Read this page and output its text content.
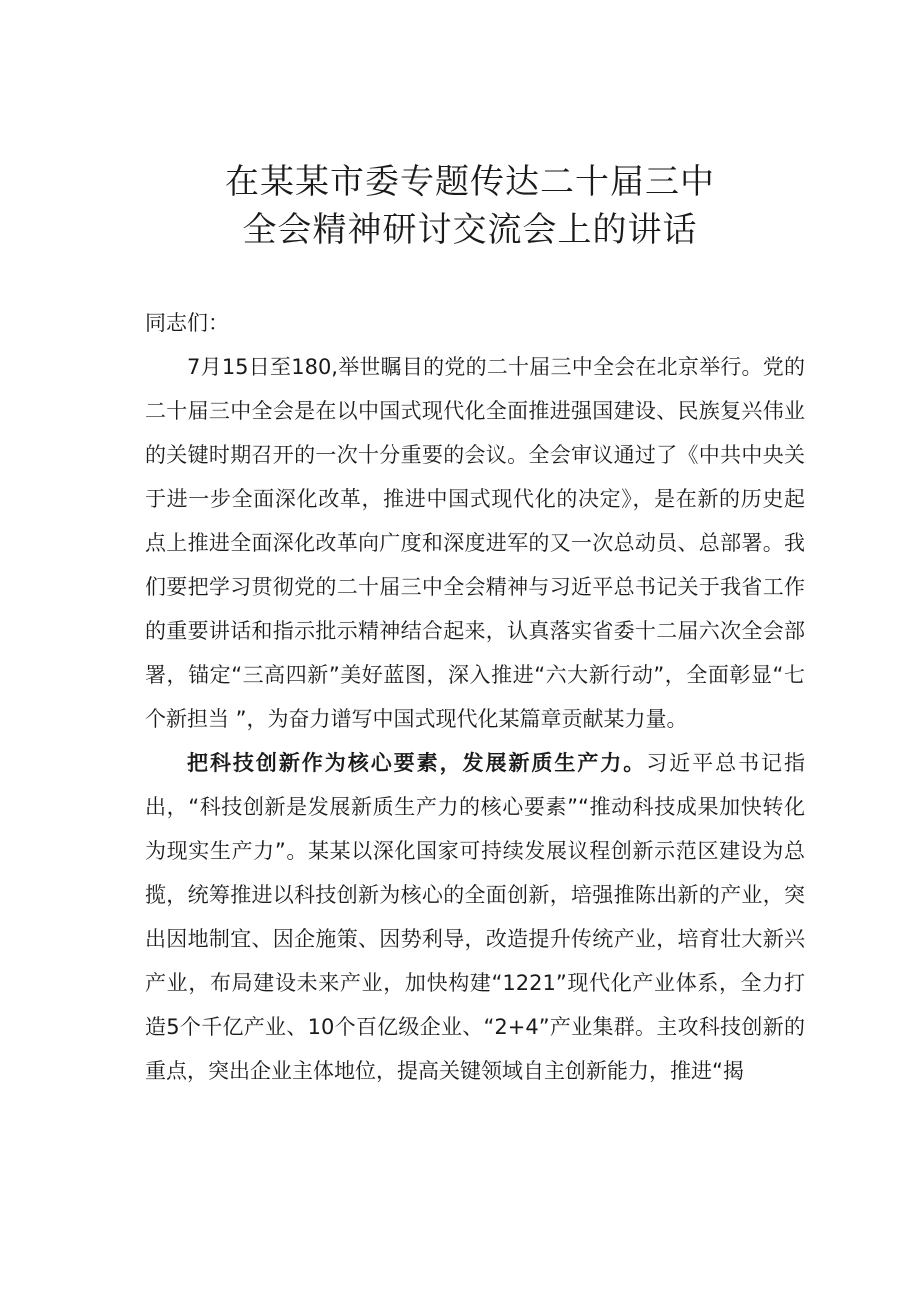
在某某市委专题传达二十届三中
全会精神研讨交流会上的讲话
同志们：

7月15日至180,举世瞩目的党的二十届三中全会在北京举行。党的二十届三中全会是在以中国式现代化全面推进强国建设、民族复兴伟业的关键时期召开的一次十分重要的会议。全会审议通过了《中共中央关于进一步全面深化改革，推进中国式现代化的决定》，是在新的历史起点上推进全面深化改革向广度和深度进军的又一次总动员、总部署。我们要把学习贯彻党的二十届三中全会精神与习近平总书记关于我省工作的重要讲话和指示批示精神结合起来，认真落实省委十二届六次全会部署，锚定“三高四新”美好蓝图，深入推进“六大新行动”，全面彰显“七个新担当 ”，为奋力谱写中国式现代化某篇章贡献某力量。

把科技创新作为核心要素，发展新质生产力。习近平总书记指出，“科技创新是发展新质生产力的核心要素”“推动科技成果加快转化为现实生产力”。某某以深化国家可持续发展议程创新示范区建设为总揽，统筹推进以科技创新为核心的全面创新，培强推陈出新的产业，突出因地制宜、因企施策、因势利导，改造提升传统产业，培育壮大新兴产业，布局建设未来产业，加快构建“1221”现代化产业体系，全力打造5个千亿产业、10个百亿级企业、“2+4”产业集群。主攻科技创新的重点，突出企业主体地位，提高关键领域自主创新能力，推进“揭
